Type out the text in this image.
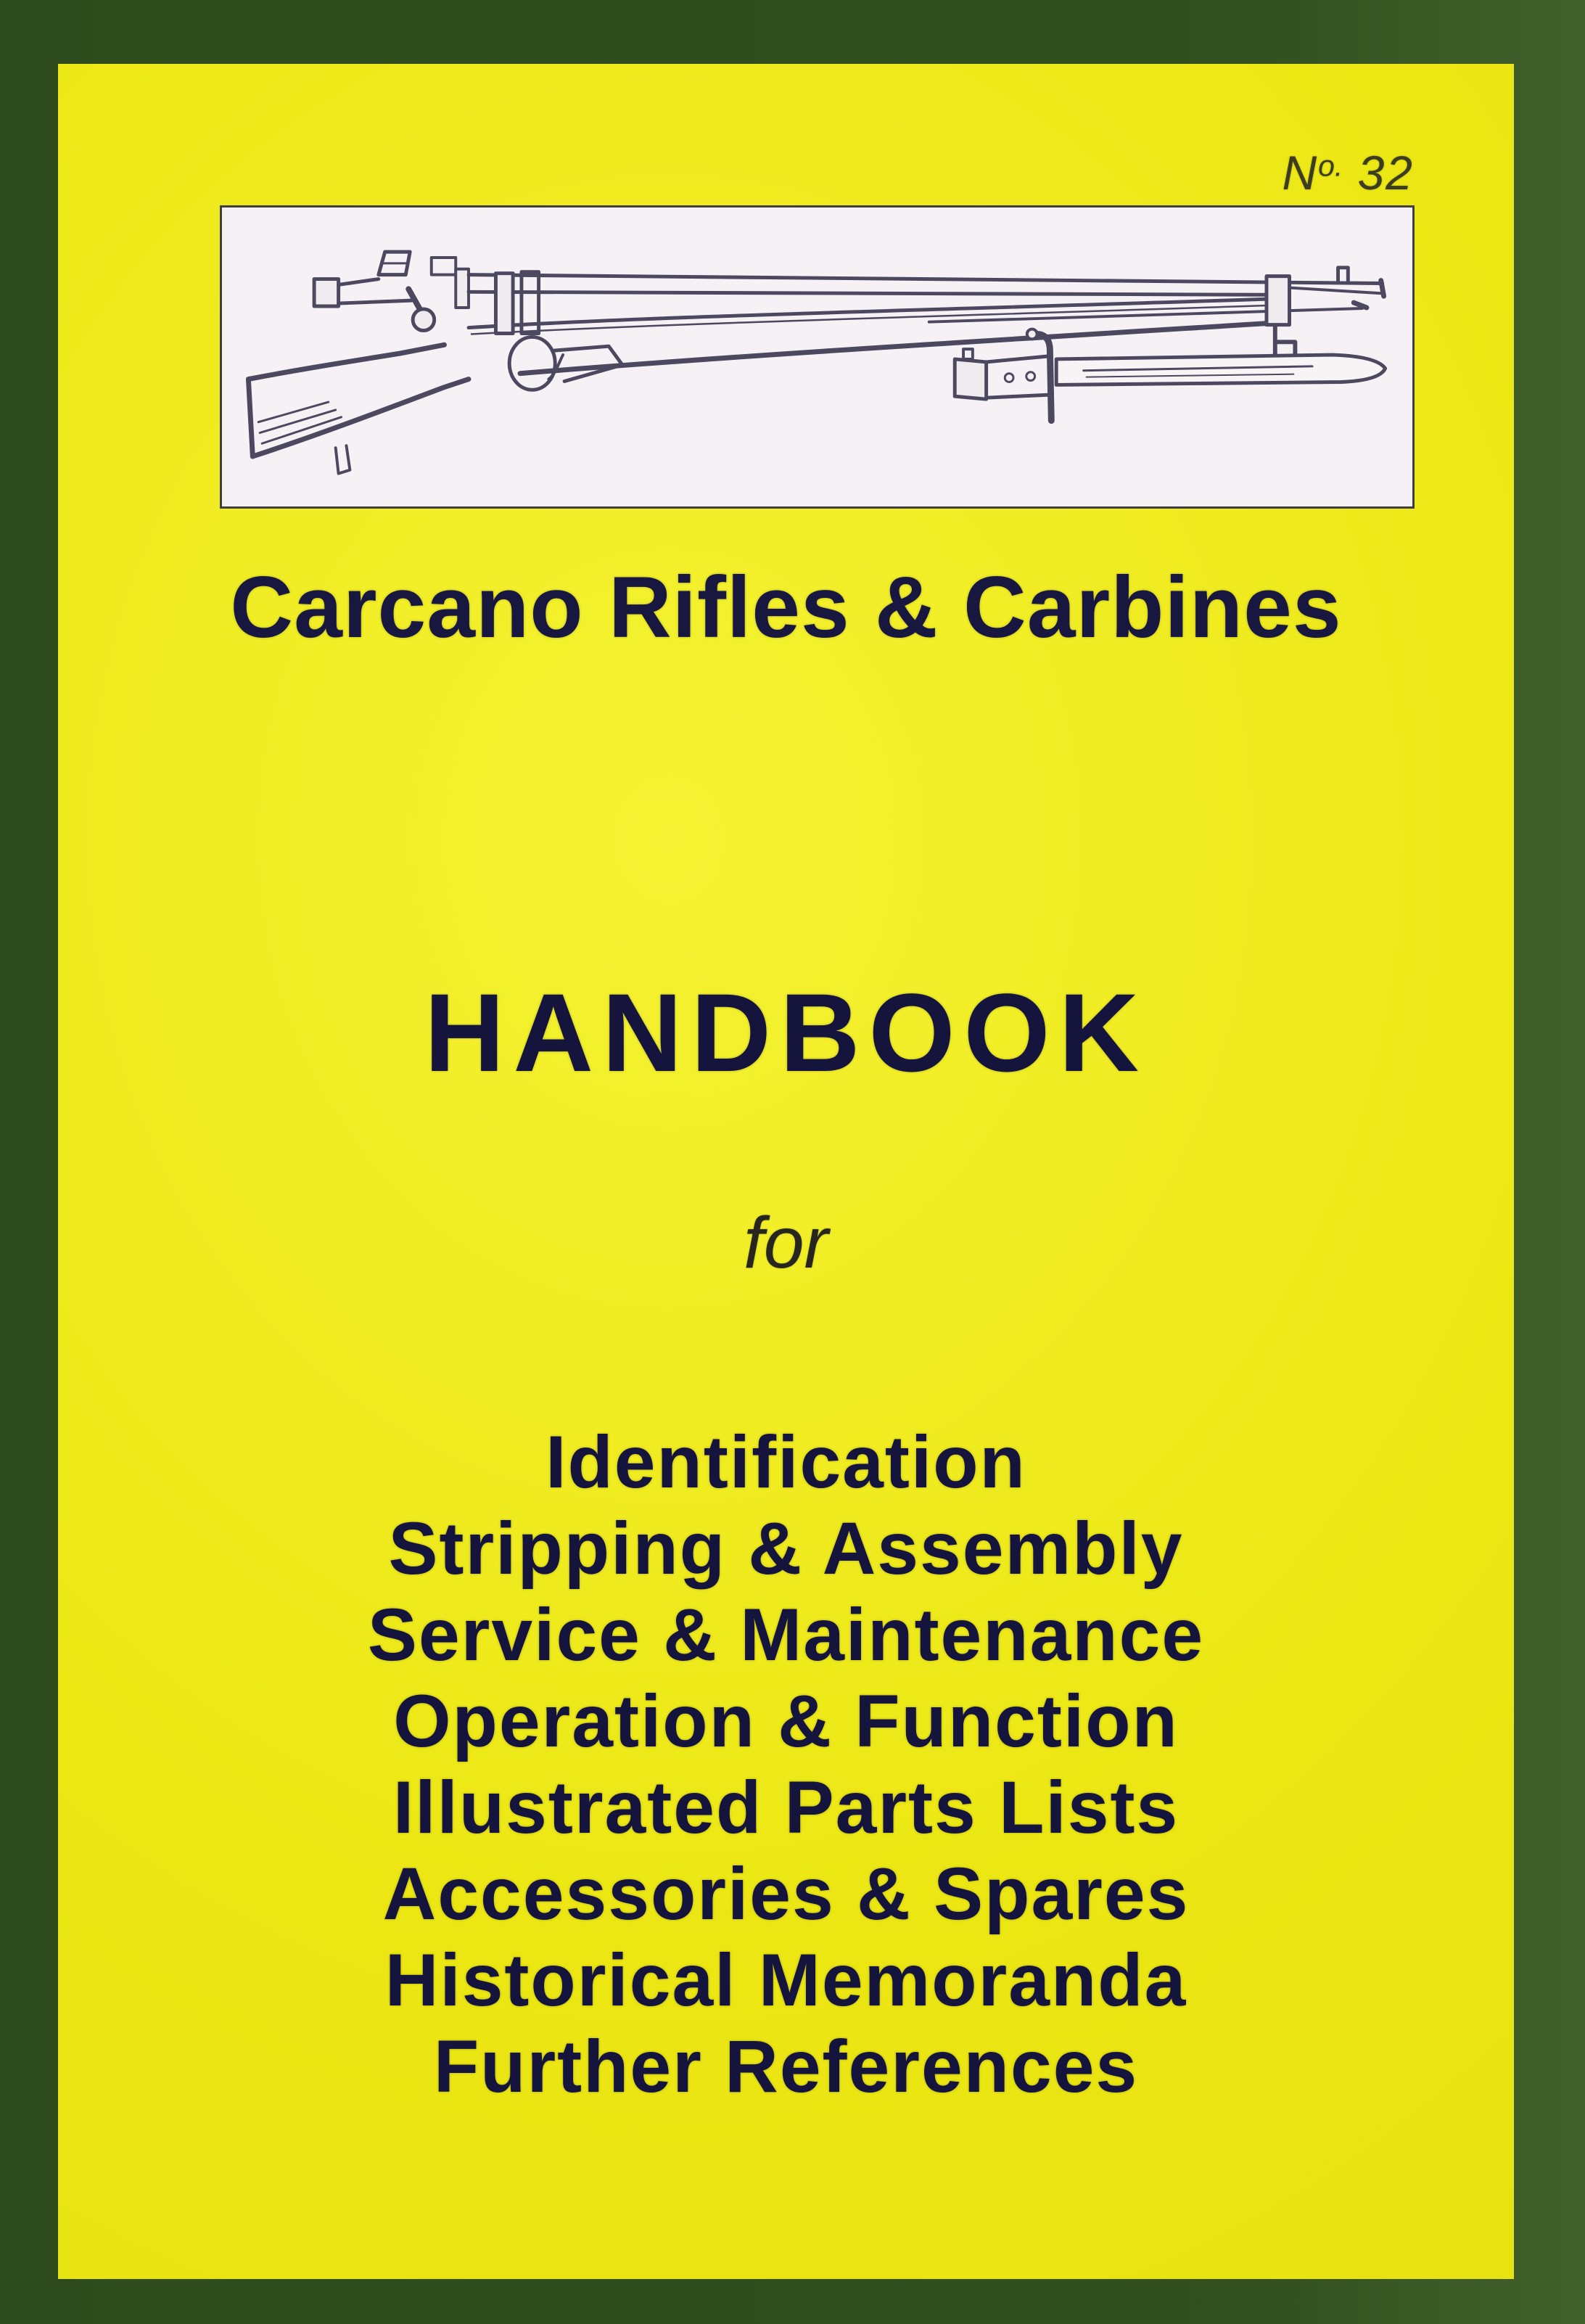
$N^{o.}$ 32
Carcano Rifles & Carbines
HANDBOOK
for
Identification
Stripping & Assembly
Service & Maintenance
Operation & Function
Illustrated Parts Lists
Accessories & Spares
Historical Memoranda
Further References
